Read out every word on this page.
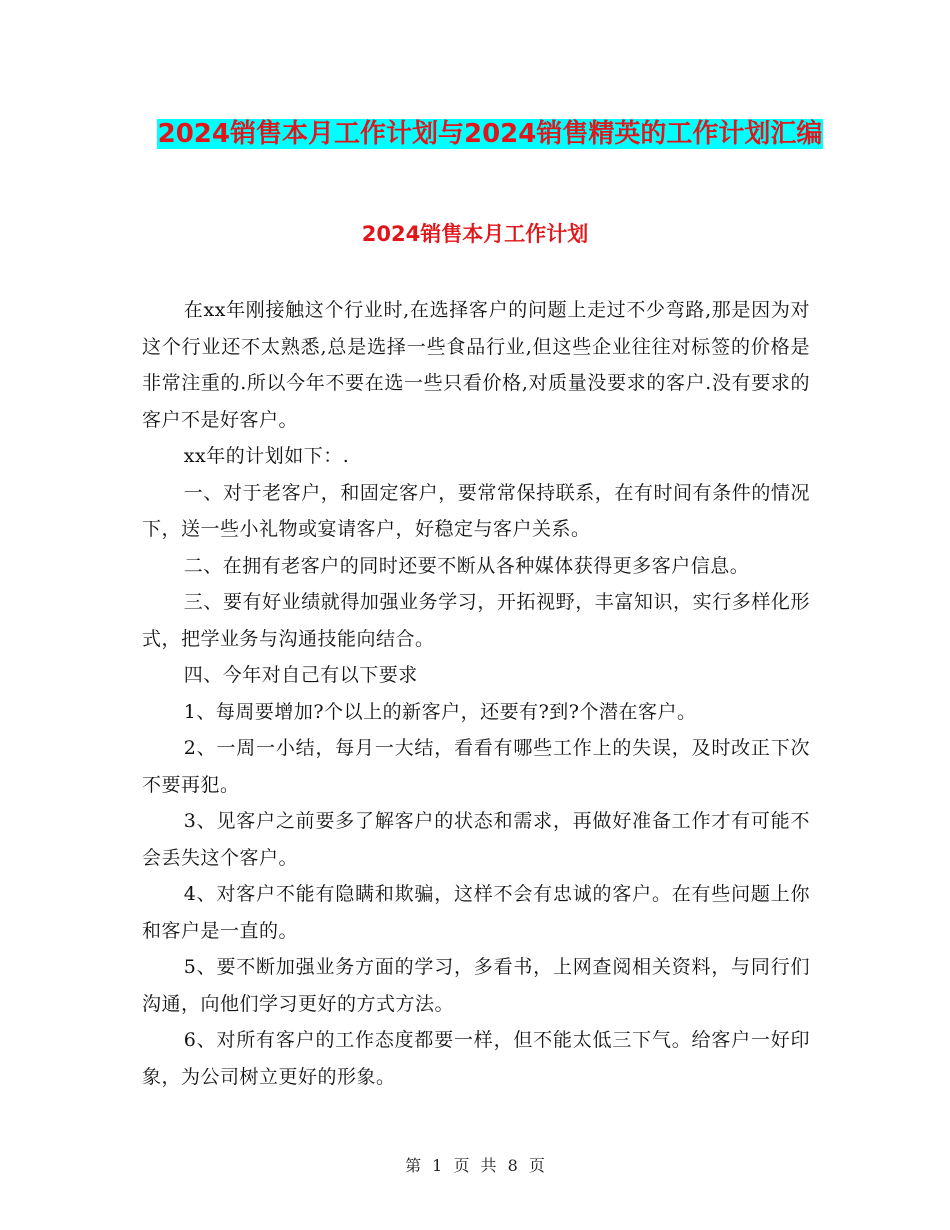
2024销售本月工作计划与2024销售精英的工作计划汇编
2024销售本月工作计划

在xx年刚接触这个行业时,在选择客户的问题上走过不少弯路,那是因为对这个行业还不太熟悉,总是选择一些食品行业,但这些企业往往对标签的价格是非常注重的.所以今年不要在选一些只看价格,对质量没要求的客户.没有要求的客户不是好客户。

xx年的计划如下：.

一、对于老客户，和固定客户，要常常保持联系，在有时间有条件的情况下，送一些小礼物或宴请客户，好稳定与客户关系。

二、在拥有老客户的同时还要不断从各种媒体获得更多客户信息。

三、要有好业绩就得加强业务学习，开拓视野，丰富知识，实行多样化形式，把学业务与沟通技能向结合。

四、今年对自己有以下要求

1、每周要增加?个以上的新客户，还要有?到?个潜在客户。

2、一周一小结，每月一大结，看看有哪些工作上的失误，及时改正下次不要再犯。

3、见客户之前要多了解客户的状态和需求，再做好准备工作才有可能不会丢失这个客户。

4、对客户不能有隐瞒和欺骗，这样不会有忠诚的客户。在有些问题上你和客户是一直的。

5、要不断加强业务方面的学习，多看书，上网查阅相关资料，与同行们沟通，向他们学习更好的方式方法。

6、对所有客户的工作态度都要一样，但不能太低三下气。给客户一好印象，为公司树立更好的形象。

第 1 页 共 8 页
